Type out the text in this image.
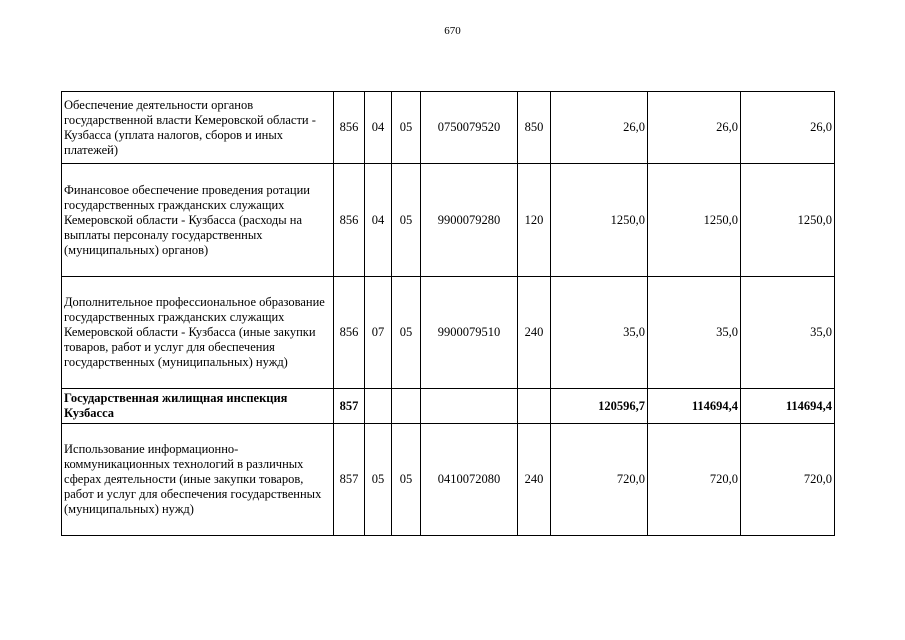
670
Обеспечение деятельности органов государственной власти Кемеровской области - Кузбасса (уплата налогов, сборов и иных платежей)	856	04	05	0750079520	850	26,0	26,0	26,0
Финансовое обеспечение проведения ротации государственных гражданских служащих Кемеровской области - Кузбасса (расходы на выплаты персоналу государственных (муниципальных) органов)	856	04	05	9900079280	120	1250,0	1250,0	1250,0
Дополнительное профессиональное образование государственных гражданских служащих Кемеровской области - Кузбасса (иные закупки товаров, работ и услуг для обеспечения государственных (муниципальных) нужд)	856	07	05	9900079510	240	35,0	35,0	35,0
Государственная жилищная инспекция Кузбасса	857					120596,7	114694,4	114694,4
Использование информационно-коммуникационных технологий в различных сферах деятельности (иные закупки товаров, работ и услуг для обеспечения государственных (муниципальных) нужд)	857	05	05	0410072080	240	720,0	720,0	720,0
